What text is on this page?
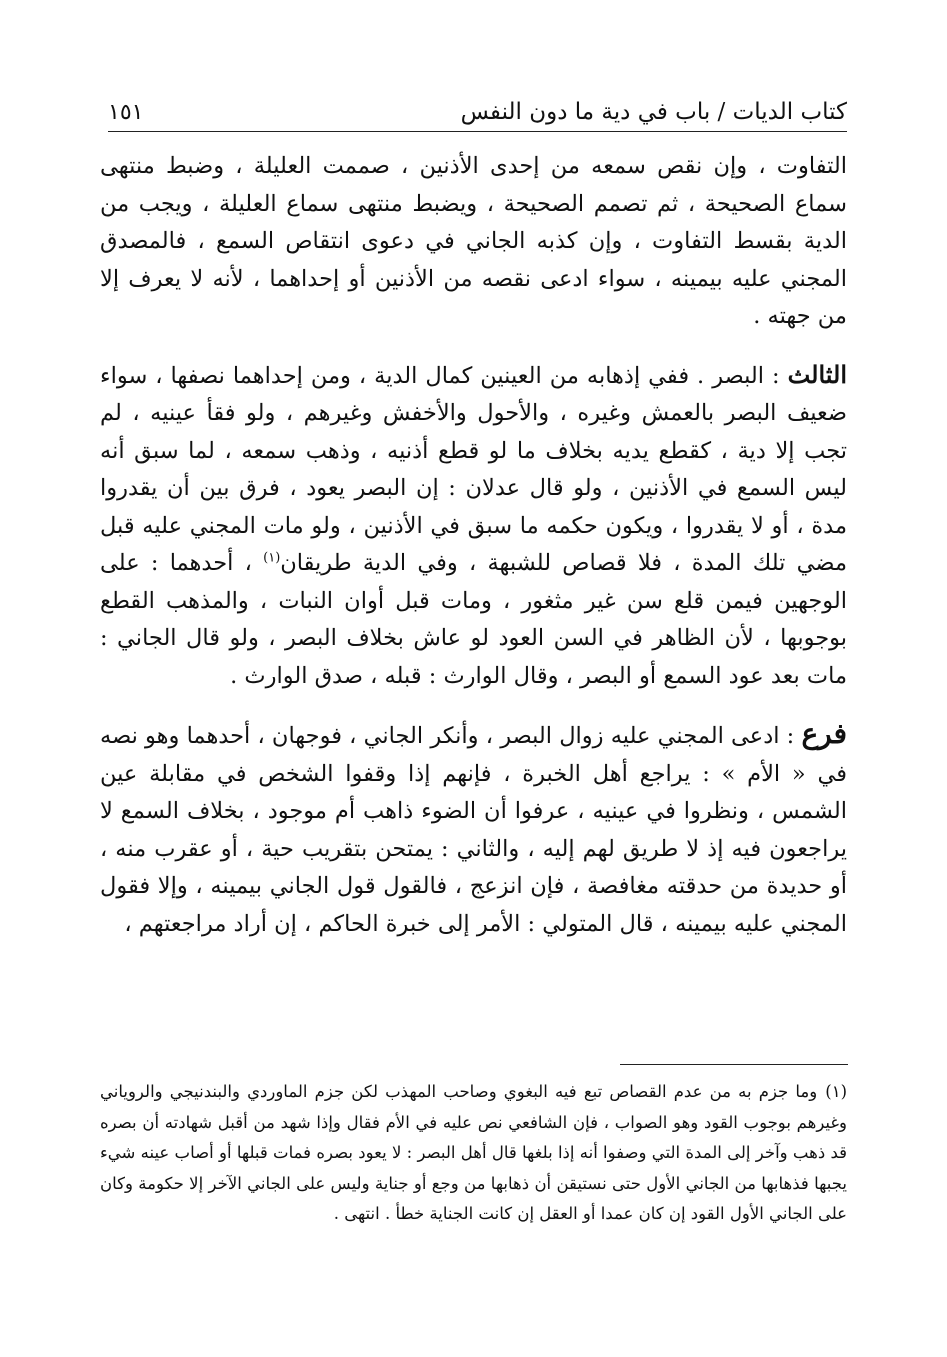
كتاب الديات / باب في دية ما دون النفس
١٥١

التفاوت ، وإن نقص سمعه من إحدى الأذنين ، صممت العليلة ، وضبط منتهى سماع الصحيحة ، ثم تصمم الصحيحة ، ويضبط منتهى سماع العليلة ، ويجب من الدية بقسط التفاوت ، وإن كذبه الجاني في دعوى انتقاص السمع ، فالمصدق المجني عليه بيمينه ، سواء ادعى نقصه من الأذنين أو إحداهما ، لأنه لا يعرف إلا من جهته .

الثالث : البصر . ففي إذهابه من العينين كمال الدية ، ومن إحداهما نصفها ، سواء ضعيف البصر بالعمش وغيره ، والأحول والأخفش وغيرهم ، ولو فقأ عينيه ، لم تجب إلا دية ، كقطع يديه بخلاف ما لو قطع أذنيه ، وذهب سمعه ، لما سبق أنه ليس السمع في الأذنين ، ولو قال عدلان : إن البصر يعود ، فرق بين أن يقدروا مدة ، أو لا يقدروا ، ويكون حكمه ما سبق في الأذنين ، ولو مات المجني عليه قبل مضي تلك المدة ، فلا قصاص للشبهة ، وفي الدية طريقان$^{(١)}$ ، أحدهما : على الوجهين فيمن قلع سن غير مثغور ، ومات قبل أوان النبات ، والمذهب القطع بوجوبها ، لأن الظاهر في السن العود لو عاش بخلاف البصر ، ولو قال الجاني : مات بعد عود السمع أو البصر ، وقال الوارث : قبله ، صدق الوارث .

فرع : ادعى المجني عليه زوال البصر ، وأنكر الجاني ، فوجهان ، أحدهما وهو نصه في « الأم » : يراجع أهل الخبرة ، فإنهم إذا وقفوا الشخص في مقابلة عين الشمس ، ونظروا في عينيه ، عرفوا أن الضوء ذاهب أم موجود ، بخلاف السمع لا يراجعون فيه إذ لا طريق لهم إليه ، والثاني : يمتحن بتقريب حية ، أو عقرب منه ، أو حديدة من حدقته مغافصة ، فإن انزعج ، فالقول قول الجاني بيمينه ، وإلا فقول المجني عليه بيمينه ، قال المتولي : الأمر إلى خبرة الحاكم ، إن أراد مراجعتهم ،

(١)وما جزم به من عدم القصاص تبع فيه البغوي وصاحب المهذب لكن جزم الماوردي والبندنيجي والروياني وغيرهم بوجوب القود وهو الصواب ، فإن الشافعي نص عليه في الأم فقال وإذا شهد من أقبل شهادته أن بصره قد ذهب وآخر إلى المدة التي وصفوا أنه إذا بلغها قال أهل البصر : لا يعود بصره فمات قبلها أو أصاب عينه شيء يجبها فذهابها من الجاني الأول حتى نستيقن أن ذهابها من وجع أو جناية وليس على الجاني الآخر إلا حكومة وكان على الجاني الأول القود إن كان عمدا أو العقل إن كانت الجناية خطأ . انتهى .
